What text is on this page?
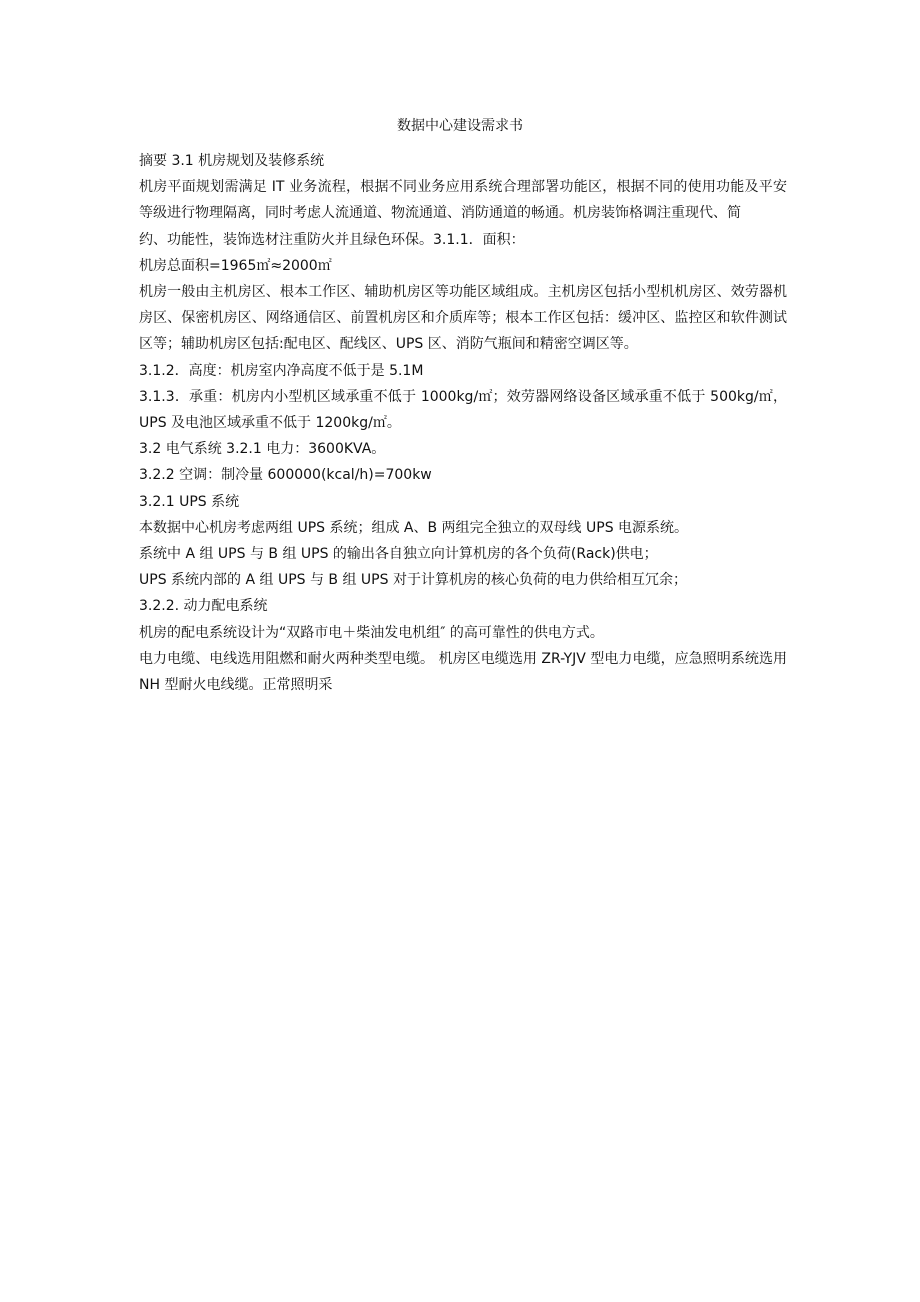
数据中心建设需求书

摘要 3.1 机房规划及装修系统

机房平面规划需满足 IT 业务流程，根据不同业务应用系统合理部署功能区，根据不同的使用功能及平安等级进行物理隔离，同时考虑人流通道、物流通道、消防通道的畅通。机房装饰格调注重现代、简

约、功能性，装饰选材注重防火并且绿色环保。3.1.1．面积：

机房总面积=1965㎡≈2000㎡

机房一般由主机房区、根本工作区、辅助机房区等功能区域组成。主机房区包括小型机机房区、效劳器机房区、保密机房区、网络通信区、前置机房区和介质库等；根本工作区包括：缓冲区、监控区和软件测试区等；辅助机房区包括:配电区、配线区、UPS 区、消防气瓶间和精密空调区等。

3.1.2．高度：机房室内净高度不低于是 5.1M

3.1.3．承重：机房内小型机区域承重不低于 1000kg/㎡；效劳器网络设备区域承重不低于 500kg/㎡，UPS 及电池区域承重不低于 1200kg/㎡。

3.2 电气系统 3.2.1 电力：3600KVA。

3.2.2 空调：制冷量 600000(kcal/h)=700kw

3.2.1 UPS 系统

本数据中心机房考虑两组 UPS 系统；组成 A、B 两组完全独立的双母线 UPS 电源系统。

系统中 A 组 UPS 与 B 组 UPS 的输出各自独立向计算机房的各个负荷(Rack)供电；

UPS 系统内部的 A 组 UPS 与 B 组 UPS 对于计算机房的核心负荷的电力供给相互冗余；

3.2.2. 动力配电系统

机房的配电系统设计为“双路市电＋柴油发电机组″ 的高可靠性的供电方式。

电力电缆、电线选用阻燃和耐火两种类型电缆。 机房区电缆选用 ZR-YJV 型电力电缆，应急照明系统选用 NH 型耐火电线缆。正常照明采
